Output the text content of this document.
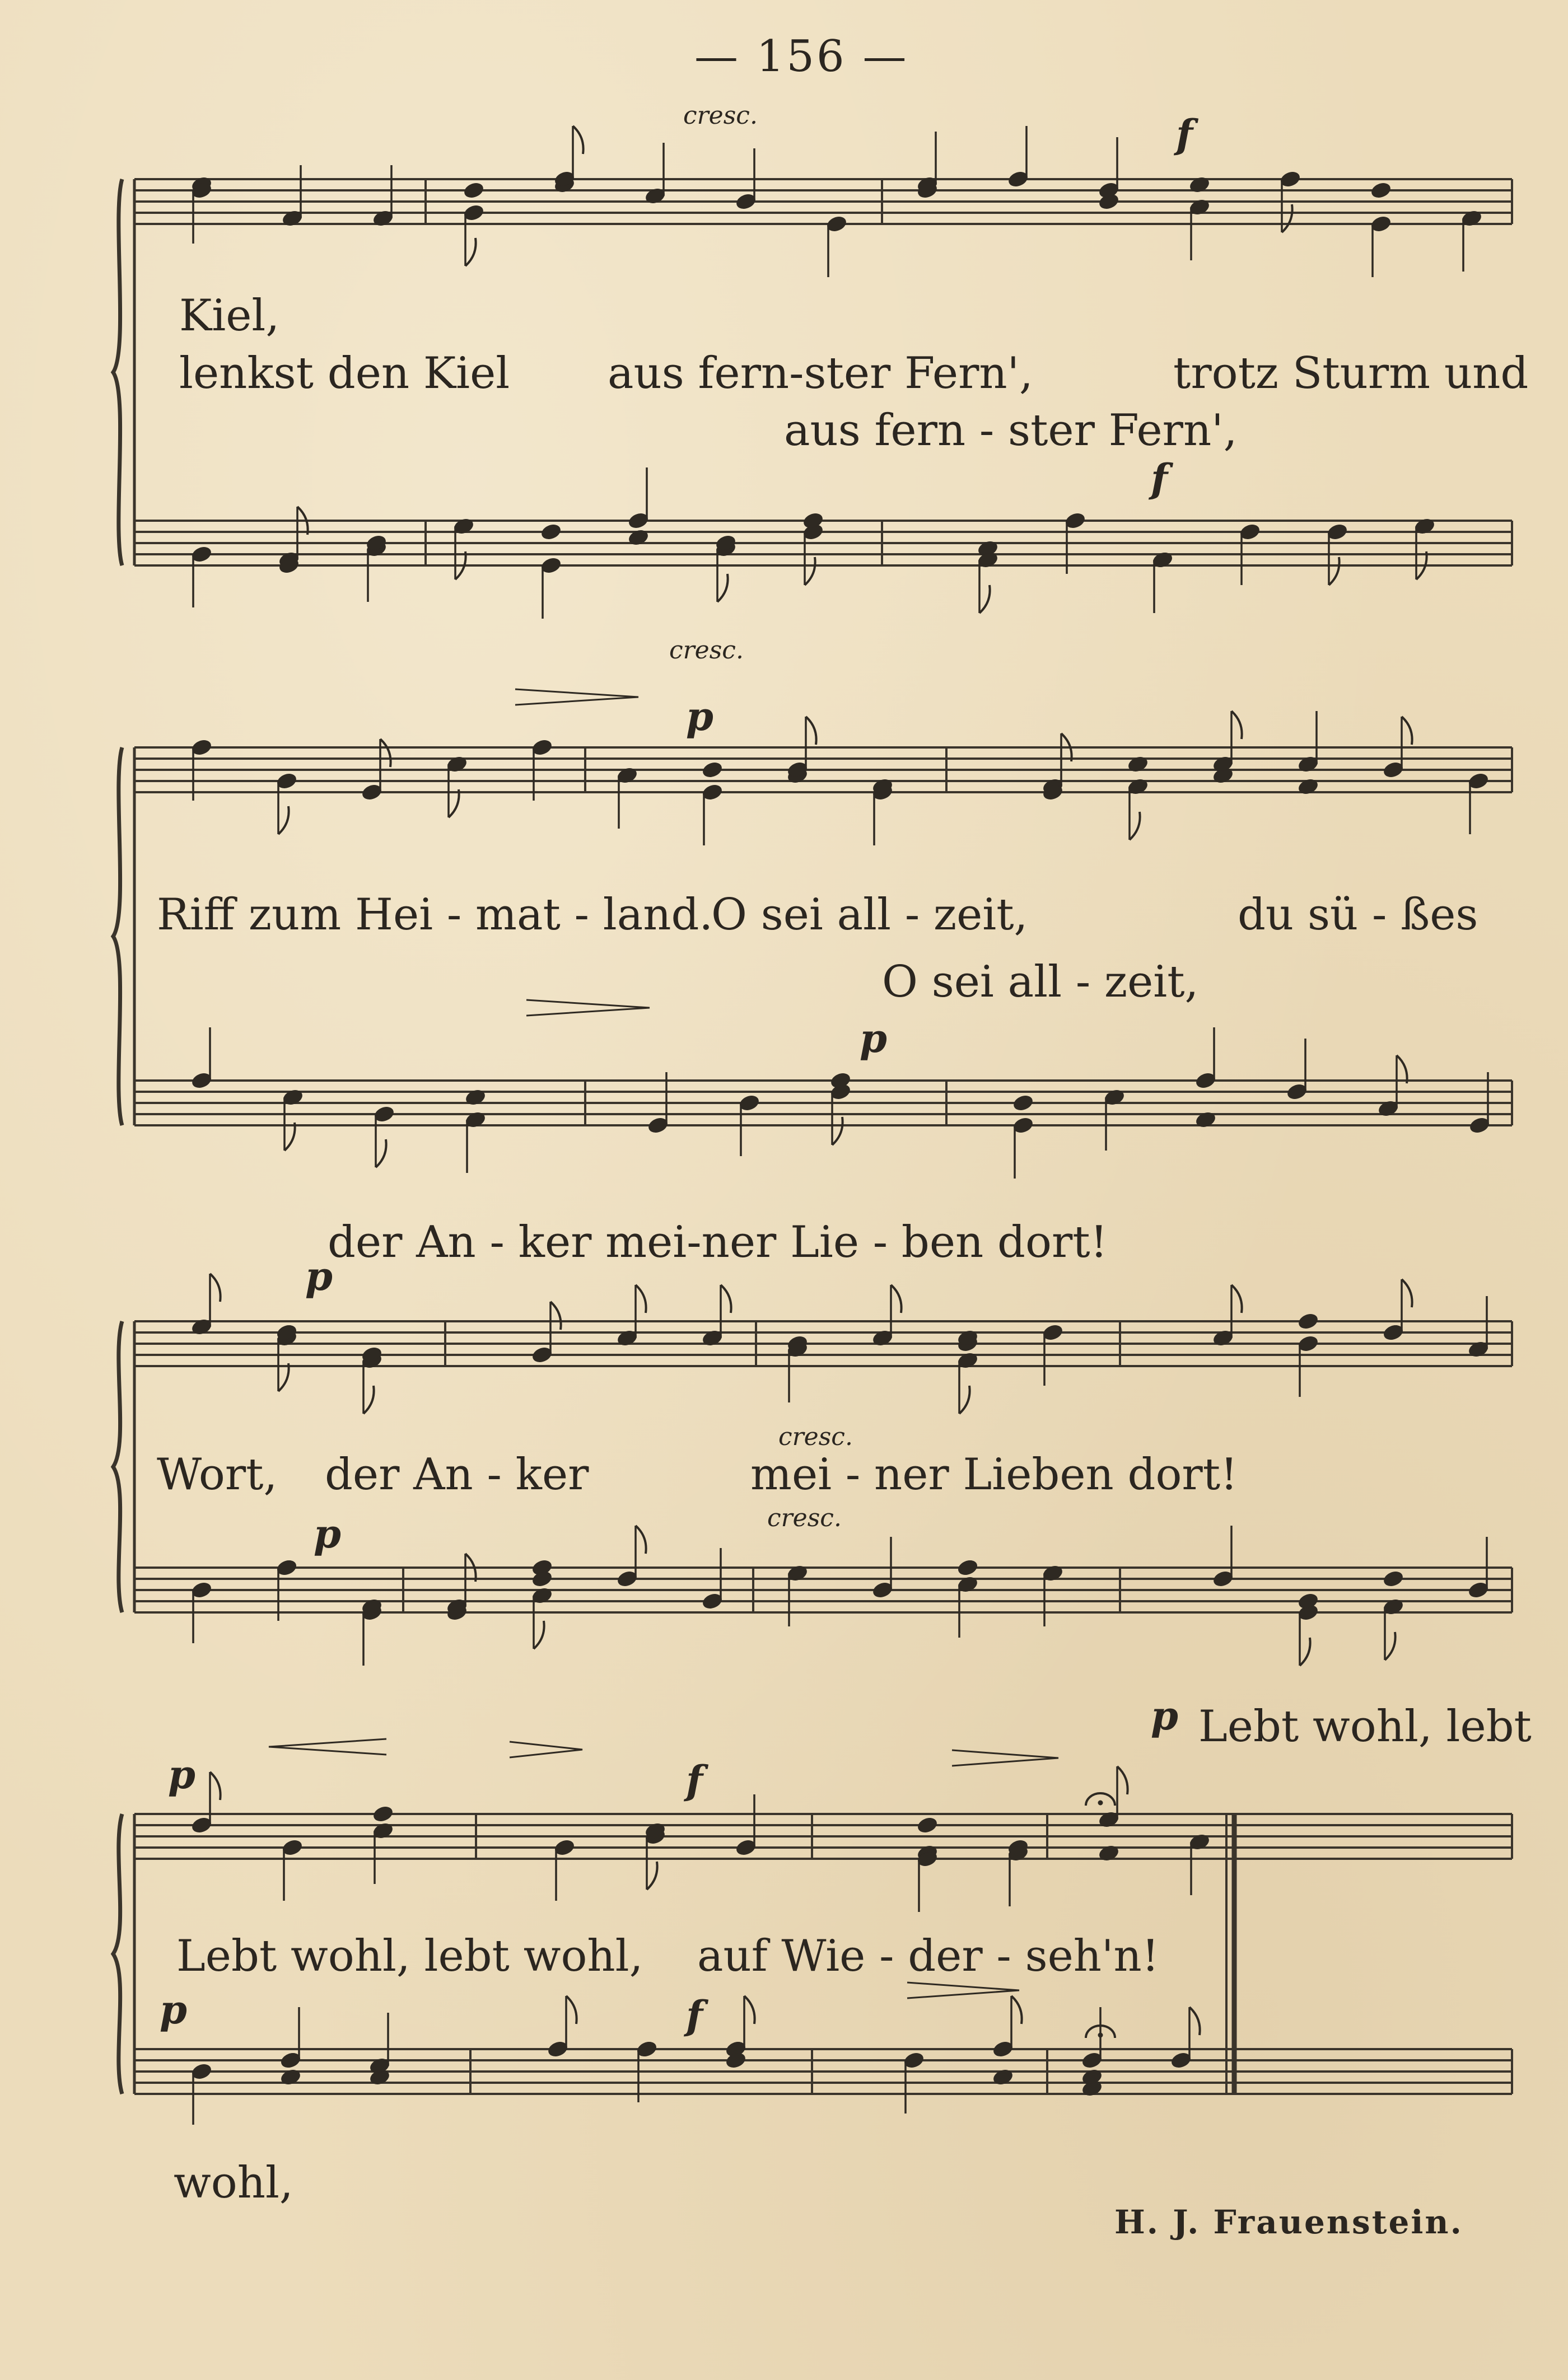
— 156 —
f
f
p
p
p
p
p
p	f
p	f
cresc.
cresc.
cresc.
cresc.
Kiel,
lenkst den Kiel aus fern-ster Fern',	trotz Sturm und
aus fern - ster Fern',
Riff zum Hei - mat - land.
O sei all - zeit,	du sü - ßes
O sei all - zeit,
der An - ker mei-ner Lie - ben dort!
Wort, der An - ker	mei - ner Lieben dort!
Lebt wohl, lebt
Lebt wohl, lebt wohl, auf Wie - der - seh'n!
wohl,
H. J. Frauenstein.
